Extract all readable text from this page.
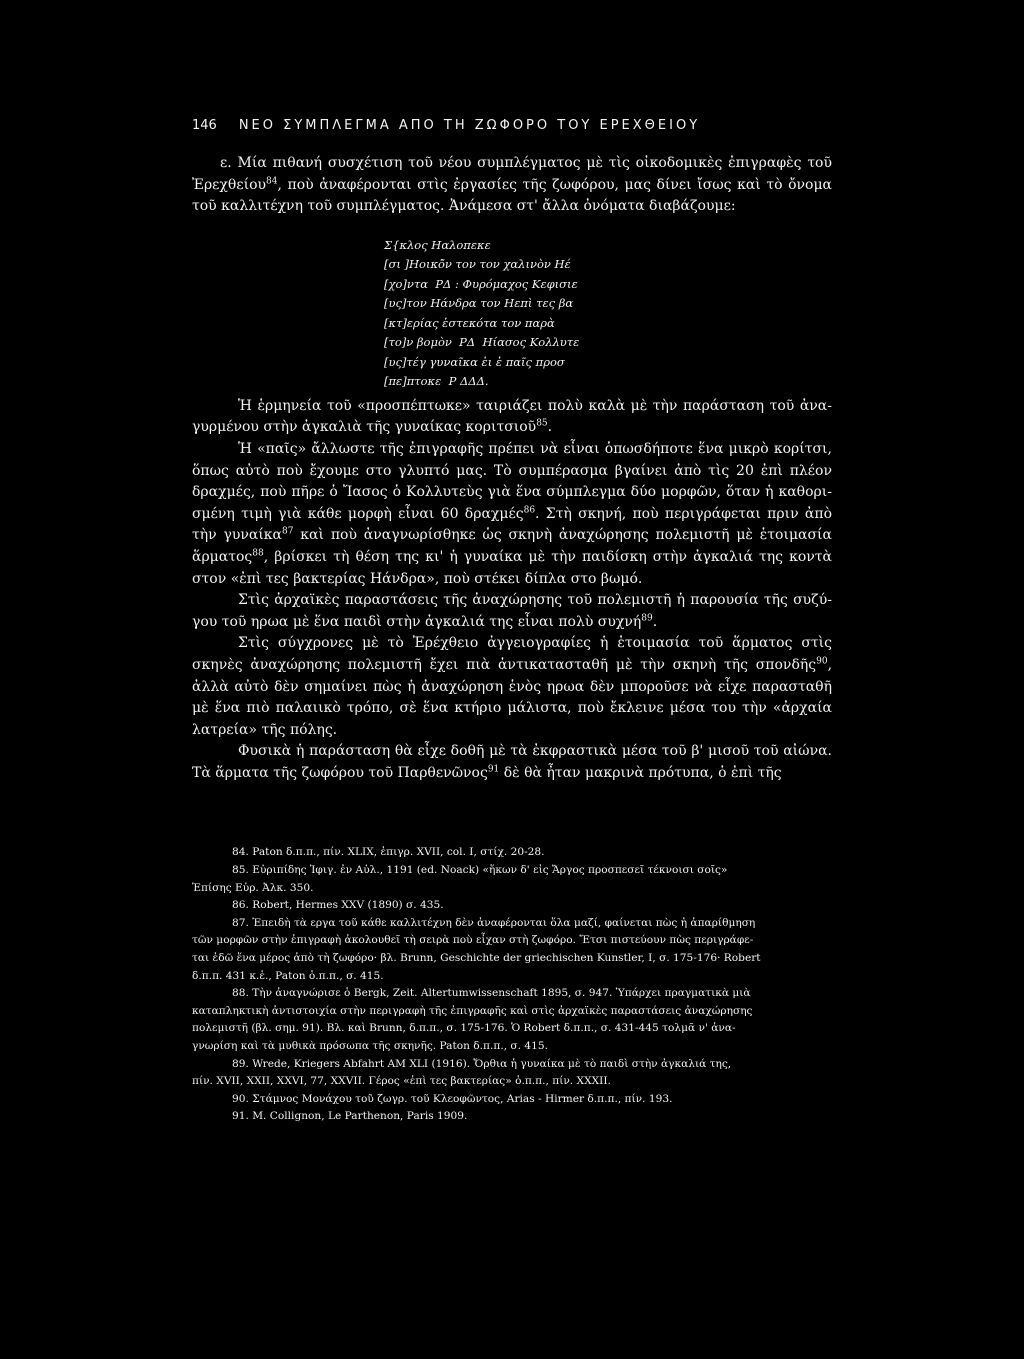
146 ΝΕΟ ΣΥΜΠΛΕΓΜΑ ΑΠΟ ΤΗ ΖΩΦΟΡΟ ΤΟΥ ΕΡΕΧΘΕΙΟΥ

ε. Μία πιθανή συσχέτιση τοῦ νέου συμπλέγματος μὲ τὶς οἰκοδομικὲς ἐπιγραφὲς τοῦ Ἐρεχθείου$^{84}$, ποὺ ἀναφέρονται στὶς ἐργασίες τῆς ζωφόρου, μας δίνει ἴσως καὶ τὸ ὄνομα τοῦ καλλιτέχνη τοῦ συμπλέγματος. Ἀνάμεσα στ' ἄλλα ὀνόματα διαβάζουμε:

Σ{κλος Ηαλοπεκε
[σι ]Ηοικō̃ν τον τον χαλινὸν Ηέ
[χο]ντα  ΡΔ : Φυρόμαχος Κεφισιε
[υς]τον Ηάνδρα τον Ηεπὶ τες βα
[κτ]ερίας ἑστεκότα τον παρὰ
[το]ν βομὸν  ΡΔ  Ηίασος Κολλυτε
[υς]τέγ γυναῖκα ἑι ἑ παῖς προσ
[πε]πτοκε  Ρ ΔΔΔ.

Ἡ ἑρμηνεία τοῦ «προσπέπτωκε» ταιριάζει πολὺ καλὰ μὲ τὴν παράσταση τοῦ ἀνα- γυρμένου στὴν ἀγκαλιὰ τῆς γυναίκας κοριτσιοῦ$^{85}$.

Ἡ «παῖς» ἄλλωστε τῆς ἐπιγραφῆς πρέπει νὰ εἶναι ὁπωσδήποτε ἕνα μικρὸ κορίτσι, ὅπως αὐτὸ ποὺ ἔχουμε στο γλυπτό μας. Τὸ συμπέρασμα βγαίνει ἀπὸ τὶς 20 ἐπὶ πλέον δραχμές, ποὺ πῆρε ὁ Ἴασος ὁ Κολλυτεὺς γιὰ ἕνα σύμπλεγμα δύο μορφῶν, ὅταν ἡ καθορι- σμένη τιμὴ γιὰ κάθε μορφὴ εἶναι 60 δραχμές$^{86}$. Στὴ σκηνή, ποὺ περιγράφεται πριν ἀπὸ τὴν γυναίκα$^{87}$ καὶ ποὺ ἀναγνωρίσθηκε ὡς σκηνὴ ἀναχώρησης πολεμιστῆ μὲ ἑτοιμασία ἅρματος$^{88}$, βρίσκει τὴ θέση της κι' ἡ γυναίκα μὲ τὴν παιδίσκη στὴν ἀγκαλιά της κοντὰ στον «ἐπὶ τες βακτερίας Ηάνδρα», ποὺ στέκει δίπλα στο βωμό.

Στὶς ἀρχαϊκὲς παραστάσεις τῆς ἀναχώρησης τοῦ πολεμιστῆ ἡ παρουσία τῆς συζύ- γου τοῦ ηρωα μὲ ἕνα παιδὶ στὴν ἀγκαλιά της εἶναι πολὺ συχνή$^{89}$.

Στὶς σύγχρονες μὲ τὸ Ἐρέχθειο ἀγγειογραφίες ἡ ἑτοιμασία τοῦ ἅρματος στὶς σκηνὲς ἀναχώρησης πολεμιστῆ ἔχει πιὰ ἀντικατασταθῆ μὲ τὴν σκηνὴ τῆς σπονδῆς$^{90}$, ἀλλὰ αὐτὸ δὲν σημαίνει πὼς ἡ ἀναχώρηση ἑνὸς ηρωα δὲν μποροῦσε νὰ εἶχε παρασταθῆ μὲ ἕνα πιὸ παλαιικὸ τρόπο, σὲ ἕνα κτήριο μάλιστα, ποὺ ἔκλεινε μέσα του τὴν «ἀρχαία λατρεία» τῆς πόλης.

Φυσικὰ ἡ παράσταση θὰ εἶχε δοθῆ μὲ τὰ ἐκφραστικὰ μέσα τοῦ β' μισοῦ τοῦ αἰώνα. Τὰ ἅρματα τῆς ζωφόρου τοῦ Παρθενῶνος$^{91}$ δὲ θὰ ἦταν μακρινὰ πρότυπα, ὁ ἐπὶ τῆς

84. Paton δ.π.π., πίν. XLIX, ἐπιγρ. XVII, col. I, στίχ. 20-28.

85. Εὐριπίδης Ἰφιγ. ἐν Αὐλ., 1191 (ed. Noack) «ἥκων δ' εἰς Ἄργος προσπεσεῖ τέκνοισι σοῖς»

Ἐπίσης Εὐρ. Ἀλκ. 350.

86. Robert, Hermes XXV (1890) σ. 435.

87. Ἐπειδὴ τὰ εργα τοῦ κάθε καλλιτέχνη δὲν ἀναφέρονται ὅλα μαζί, φαίνεται πὼς ἡ ἀπαρίθμηση

τῶν μορφῶν στὴν ἐπιγραφὴ ἀκολουθεῖ τὴ σειρὰ ποὺ εἶχαν στὴ ζωφόρο. Ἔτσι πιστεύουν πὼς περιγράφε-

ται ἐδῶ ἕνα μέρος ἀπὸ τὴ ζωφόρο· βλ. Brunn, Geschichte der griechischen Kunstler, I, σ. 175-176· Robert

δ.π.π. 431 κ.ἑ., Paton ὁ.π.π., σ. 415.

88. Τὴν ἀναγνώρισε ὁ Bergk, Zeit. Altertumwissenschaft 1895, σ. 947. Ὑπάρχει πραγματικὰ μιὰ

καταπληκτικὴ ἀντιστοιχία στὴν περιγραφὴ τῆς ἐπιγραφῆς καὶ στὶς ἀρχαϊκὲς παραστάσεις ἀναχώρησης

πολεμιστῆ (βλ. σημ. 91). Βλ. καὶ Brunn, δ.π.π., σ. 175-176. Ὁ Robert δ.π.π., σ. 431-445 τολμᾶ ν' ἀνα-

γνωρίση καὶ τὰ μυθικὰ πρόσωπα τῆς σκηνῆς. Paton δ.π.π., σ. 415.

89. Wrede, Kriegers Abfahrt AM XLI (1916). Ὄρθια ἡ γυναίκα μὲ τὸ παιδὶ στὴν ἀγκαλιά της,

πίν. XVII, XXII, XXVI, 77, XXVII. Γέρος «ἐπὶ τες βακτερίας» ὁ.π.π., πίν. XXXII.

90. Στάμνος Μονάχου τοῦ ζωγρ. τοῦ Κλεοφῶντος, Arias - Hirmer δ.π.π., πίν. 193.

91. M. Collignon, Le Parthenon, Paris 1909.
